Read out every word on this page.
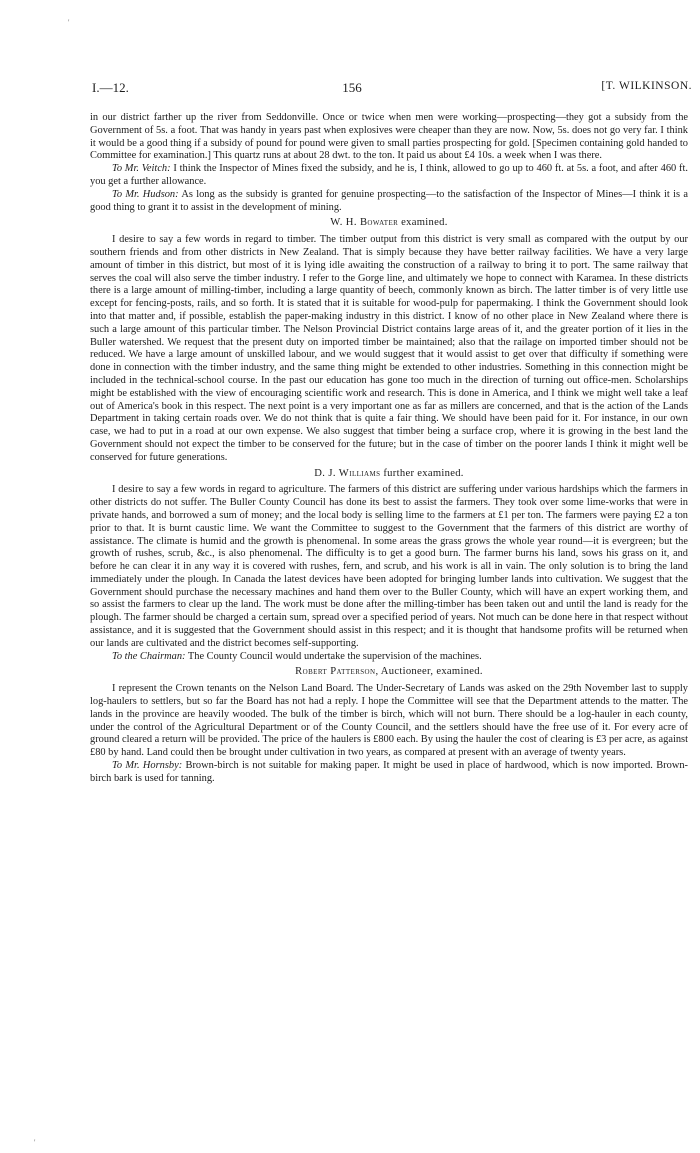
'
I.—12.	156	[T. WILKINSON.

in our district farther up the river from Seddonville. Once or twice when men were working—prospecting—they got a subsidy from the Government of 5s. a foot. That was handy in years past when explosives were cheaper than they are now. Now, 5s. does not go very far. I think it would be a good thing if a subsidy of pound for pound were given to small parties prospecting for gold. [Specimen containing gold handed to Committee for examination.] This quartz runs at about 28 dwt. to the ton. It paid us about £4 10s. a week when I was there.

To Mr. Veitch: I think the Inspector of Mines fixed the subsidy, and he is, I think, allowed to go up to 460 ft. at 5s. a foot, and after 460 ft. you get a further allowance.

To Mr. Hudson: As long as the subsidy is granted for genuine prospecting—to the satisfaction of the Inspector of Mines—I think it is a good thing to grant it to assist in the development of mining.

W. H. Bowater examined.

I desire to say a few words in regard to timber. The timber output from this district is very small as compared with the output by our southern friends and from other districts in New Zealand. That is simply because they have better railway facilities. We have a very large amount of timber in this district, but most of it is lying idle awaiting the construction of a railway to bring it to port. The same railway that serves the coal will also serve the timber industry. I refer to the Gorge line, and ultimately we hope to connect with Karamea. In these districts there is a large amount of milling-timber, including a large quantity of beech, commonly known as birch. The latter timber is of very little use except for fencing-posts, rails, and so forth. It is stated that it is suitable for wood-pulp for papermaking. I think the Government should look into that matter and, if possible, establish the paper-making industry in this district. I know of no other place in New Zealand where there is such a large amount of this particular timber. The Nelson Provincial District contains large areas of it, and the greater portion of it lies in the Buller watershed. We request that the present duty on imported timber be maintained; also that the railage on imported timber should not be reduced. We have a large amount of unskilled labour, and we would suggest that it would assist to get over that difficulty if something were done in connection with the timber industry, and the same thing might be extended to other industries. Something in this connection might be included in the technical-school course. In the past our education has gone too much in the direction of turning out office-men. Scholarships might be established with the view of encouraging scientific work and research. This is done in America, and I think we might well take a leaf out of America's book in this respect. The next point is a very important one as far as millers are concerned, and that is the action of the Lands Department in taking certain roads over. We do not think that is quite a fair thing. We should have been paid for it. For instance, in our own case, we had to put in a road at our own expense. We also suggest that timber being a surface crop, where it is growing in the best land the Government should not expect the timber to be conserved for the future; but in the case of timber on the poorer lands I think it might well be conserved for future generations.

D. J. Williams further examined.

I desire to say a few words in regard to agriculture. The farmers of this district are suffering under various hardships which the farmers in other districts do not suffer. The Buller County Council has done its best to assist the farmers. They took over some lime-works that were in private hands, and borrowed a sum of money; and the local body is selling lime to the farmers at £1 per ton. The farmers were paying £2 a ton prior to that. It is burnt caustic lime. We want the Committee to suggest to the Government that the farmers of this district are worthy of assistance. The climate is humid and the growth is phenomenal. In some areas the grass grows the whole year round—it is evergreen; but the growth of rushes, scrub, &c., is also phenomenal. The difficulty is to get a good burn. The farmer burns his land, sows his grass on it, and before he can clear it in any way it is covered with rushes, fern, and scrub, and his work is all in vain. The only solution is to bring the land immediately under the plough. In Canada the latest devices have been adopted for bringing lumber lands into cultivation. We suggest that the Government should purchase the necessary machines and hand them over to the Buller County, which will have an expert working them, and so assist the farmers to clear up the land. The work must be done after the milling-timber has been taken out and until the land is ready for the plough. The farmer should be charged a certain sum, spread over a specified period of years. Not much can be done here in that respect without assistance, and it is suggested that the Government should assist in this respect; and it is thought that handsome profits will be returned when our lands are cultivated and the district becomes self-supporting.

To the Chairman: The County Council would undertake the supervision of the machines.

Robert Patterson, Auctioneer, examined.

I represent the Crown tenants on the Nelson Land Board. The Under-Secretary of Lands was asked on the 29th November last to supply log-haulers to settlers, but so far the Board has not had a reply. I hope the Committee will see that the Department attends to the matter. The lands in the province are heavily wooded. The bulk of the timber is birch, which will not burn. There should be a log-hauler in each county, under the control of the Agricultural Department or of the County Council, and the settlers should have the free use of it. For every acre of ground cleared a return will be provided. The price of the haulers is £800 each. By using the hauler the cost of clearing is £3 per acre, as against £80 by hand. Land could then be brought under cultivation in two years, as compared at present with an average of twenty years.

To Mr. Hornsby: Brown-birch is not suitable for making paper. It might be used in place of hardwood, which is now imported. Brown-birch bark is used for tanning.

'
